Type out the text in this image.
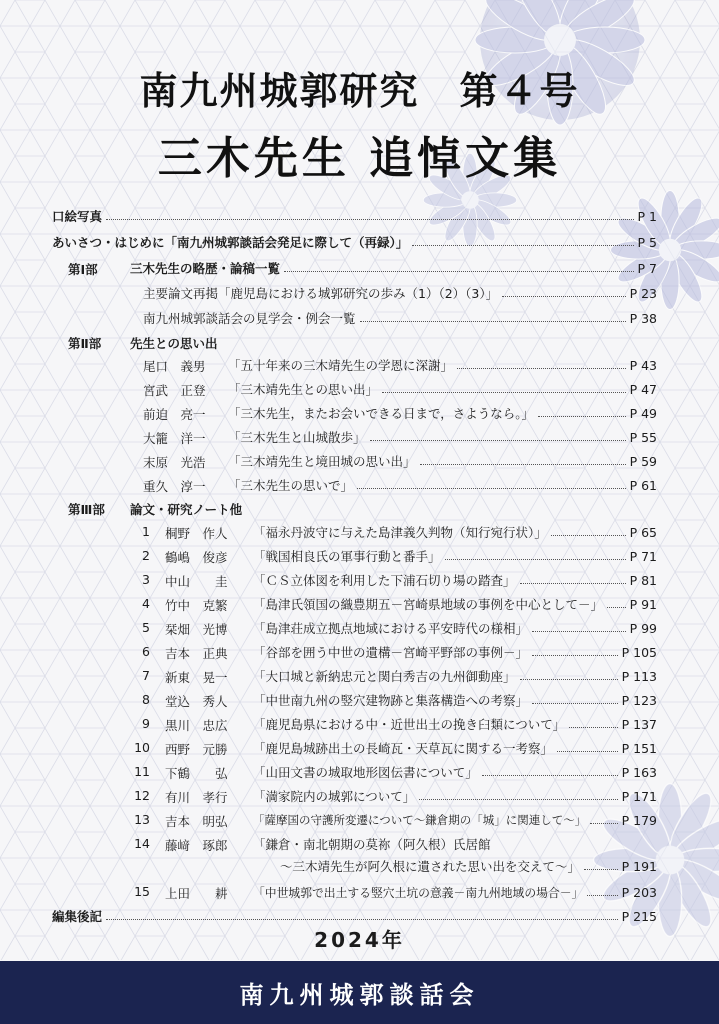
南九州城郭研究　第４号
三木先生 追悼文集
口絵写真	P 1
あいさつ・はじめに「南九州城郭談話会発足に際して（再録）」	P 5
第Ⅰ部	三木先生の略歴・論稿一覧	P 7
主要論文再掲「鹿児島における城郭研究の歩み（1）（2）（3）」	P 23
南九州城郭談話会の見学会・例会一覧	P 38
第Ⅱ部 先生との思い出
尾口　義男 「五十年来の三木靖先生の学恩に深謝」	P 43
宮武　正登 「三木靖先生との思い出」	P 47
前迫　亮一 「三木先生，またお会いできる日まで，さようなら。」	P 49
大籠　洋一 「三木先生と山城散歩」	P 55
末原　光浩 「三木靖先生と境田城の思い出」	P 59
重久　淳一 「三木先生の思いで」	P 61
第Ⅲ部 論文・研究ノート他
1 桐野　作人 「福永丹波守に与えた島津義久判物（知行宛行状）」	P 65
2 鶴嶋　俊彦 「戦国相良氏の軍事行動と番手」	P 71
3 中山　　圭 「ＣＳ立体図を利用した下浦石切り場の踏査」	P 81
4 竹中　克繁 「島津氏領国の織豊期五－宮崎県地域の事例を中心として－」 P 91
5 栞畑　光博 「島津荘成立拠点地域における平安時代の様相」	P 99
6 吉本　正典 「谷部を囲う中世の遺構－宮崎平野部の事例－」	P 105
7 新東　晃一 「大口城と新納忠元と関白秀吉の九州御動座」	P 113
8 堂込　秀人 「中世南九州の竪穴建物跡と集落構造への考察」	P 123
9 黒川　忠広 「鹿児島県における中・近世出土の挽き臼類について」	P 137
10 西野　元勝 「鹿児島城跡出土の長崎瓦・天草瓦に関する一考察」	P 151
11 下鶴　　弘 「山田文書の城取地形図伝書について」	P 163
12 有川　孝行 「満家院内の城郭について」	P 171
13 吉本　明弘 「薩摩国の守護所変遷について～鎌倉期の「城」に関連して～」	P 179
14 藤﨑　琢郎 「鎌倉・南北朝期の莫祢（阿久根）氏居館
～三木靖先生が阿久根に遺された思い出を交えて～」	P 191
15 上田　　耕 「中世城郭で出土する竪穴土坑の意義－南九州地域の場合－」	P 203
編集後記	P 215
2024年
南九州城郭談話会
